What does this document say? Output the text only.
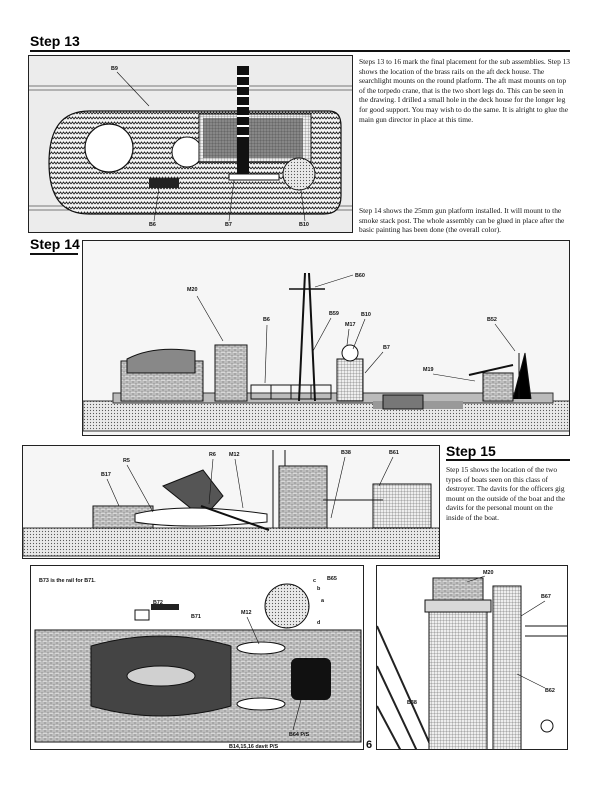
Step 13
B9
B6	B7	B10
Steps 13 to 16 mark the final placement for the sub assemblies. Step 13 shows the location of the brass rails on the aft deck house. The searchlight mounts on the round platform. The aft mast mounts on top of the torpedo crane, that is the two short legs do. This can be seen in the drawing. I drilled a small hole in the deck house for the longer leg for good support. You may wish to do the same. It is alright to glue the main gun director in place at this time.
Step 14 shows the 25mm gun platform installed. It will mount to the smoke stack post. The whole assembly can be glued in place after the basic painting has been done (the overall color).
Step 14
B60
M20
B59	B10
M17
B6	B52
B7
M19
R5
R6 M12	B38	B61
B17
Step 15
Step 15 shows the location of the two types of boats seen on this class of destroyer. The davits for the officers gig mount on the outside of the boat and the davits for the personal mount on the inside of the boat.
B73 is the rail for B71.
B72
B71
M12
B65
c
b
a
d
B64 P/S
B14,15,16 davit P/S
M20
B67
B62
B38
6
